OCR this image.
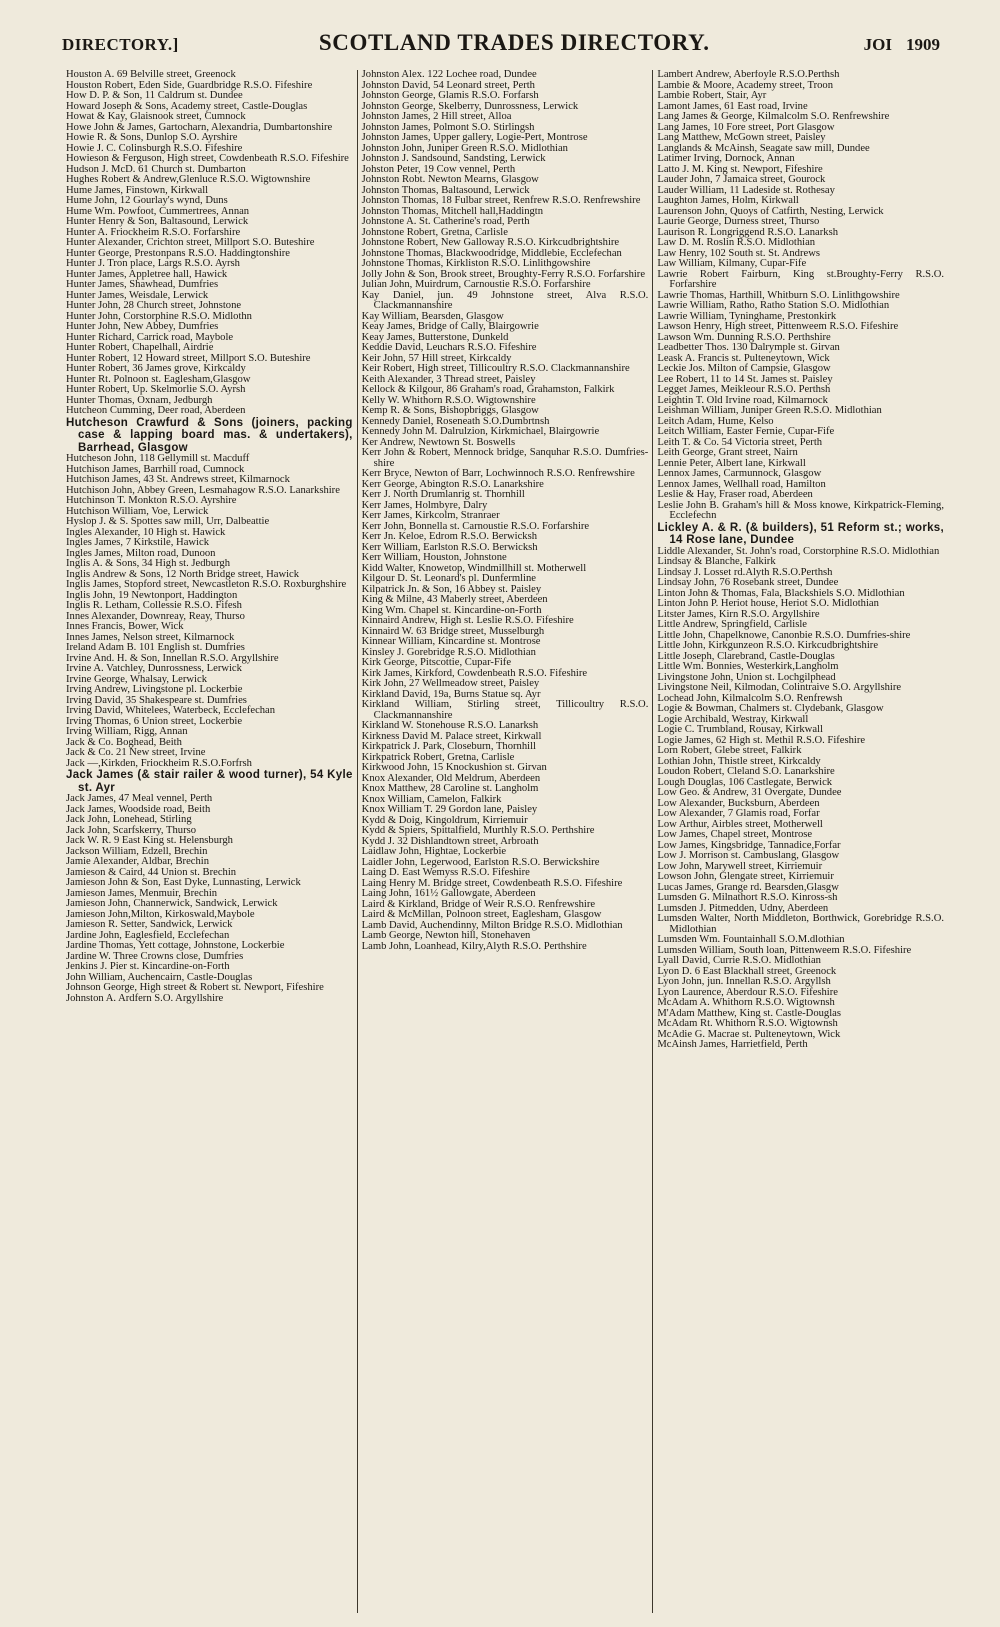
DIRECTORY.]	SCOTLAND TRADES DIRECTORY.	JOI 1909

Houston A. 69 Belville street, Greenock

Houston Robert, Eden Side, Guardbridge R.S.O. Fifeshire

How D. P. & Son, 11 Caldrum st. Dundee

Howard Joseph & Sons, Academy street, Castle-Douglas

Howat & Kay, Glaisnook street, Cumnock

Howe John & James, Gartocharn, Alexandria, Dumbartonshire

Howie R. & Sons, Dunlop S.O. Ayrshire

Howie J. C. Colinsburgh R.S.O. Fifeshire

Howieson & Ferguson, High street, Cowdenbeath R.S.O. Fifeshire

Hudson J. McD. 61 Church st. Dumbarton

Hughes Robert & Andrew,Glenluce R.S.O. Wigtownshire

Hume James, Finstown, Kirkwall

Hume John, 12 Gourlay's wynd, Duns

Hume Wm. Powfoot, Cummertrees, Annan

Hunter Henry & Son, Baltasound, Lerwick

Hunter A. Friockheim R.S.O. Forfarshire

Hunter Alexander, Crichton street, Millport S.O. Buteshire

Hunter George, Prestonpans R.S.O. Haddingtonshire

Hunter J. Tron place, Largs R.S.O. Ayrsh

Hunter James, Appletree hall, Hawick

Hunter James, Shawhead, Dumfries

Hunter James, Weisdale, Lerwick

Hunter John, 28 Church street, Johnstone

Hunter John, Corstorphine R.S.O. Midlothn

Hunter John, New Abbey, Dumfries

Hunter Richard, Carrick road, Maybole

Hunter Robert, Chapelhall, Airdrie

Hunter Robert, 12 Howard street, Millport S.O. Buteshire

Hunter Robert, 36 James grove, Kirkcaldy

Hunter Rt. Polnoon st. Eaglesham,Glasgow

Hunter Robert, Up. Skelmorlie S.O. Ayrsh

Hunter Thomas, Oxnam, Jedburgh

Hutcheon Cumming, Deer road, Aberdeen

Hutcheson Crawfurd & Sons (joiners, packing case & lapping board mas. & undertakers), Barrhead, Glasgow

Hutcheson John, 118 Gellymill st. Macduff

Hutchison James, Barrhill road, Cumnock

Hutchison James, 43 St. Andrews street, Kilmarnock

Hutchison John, Abbey Green, Lesmahagow R.S.O. Lanarkshire

Hutchinson T. Monkton R.S.O. Ayrshire

Hutchison William, Voe, Lerwick

Hyslop J. & S. Spottes saw mill, Urr, Dalbeattie

Ingles Alexander, 10 High st. Hawick

Ingles James, 7 Kirkstile, Hawick

Ingles James, Milton road, Dunoon

Inglis A. & Sons, 34 High st. Jedburgh

Inglis Andrew & Sons, 12 North Bridge street, Hawick

Inglis James, Stopford street, Newcastleton R.S.O. Roxburghshire

Inglis John, 19 Newtonport, Haddington

Inglis R. Letham, Collessie R.S.O. Fifesh

Innes Alexander, Downreay, Reay, Thurso

Innes Francis, Bower, Wick

Innes James, Nelson street, Kilmarnock

Ireland Adam B. 101 English st. Dumfries

Irvine And. H. & Son, Innellan R.S.O. Argyllshire

Irvine A. Vatchley, Dunrossness, Lerwick

Irvine George, Whalsay, Lerwick

Irving Andrew, Livingstone pl. Lockerbie

Irving David, 35 Shakespeare st. Dumfries

Irving David, Whitelees, Waterbeck, Ecclefechan

Irving Thomas, 6 Union street, Lockerbie

Irving William, Rigg, Annan

Jack & Co. Boghead, Beith

Jack & Co. 21 New street, Irvine

Jack —,Kirkden, Friockheim R.S.O.Forfrsh

Jack James (& stair railer & wood turner), 54 Kyle st. Ayr

Jack James, 47 Meal vennel, Perth

Jack James, Woodside road, Beith

Jack John, Lonehead, Stirling

Jack John, Scarfskerry, Thurso

Jack W. R. 9 East King st. Helensburgh

Jackson William, Edzell, Brechin

Jamie Alexander, Aldbar, Brechin

Jamieson & Caird, 44 Union st. Brechin

Jamieson John & Son, East Dyke, Lunnasting, Lerwick

Jamieson James, Menmuir, Brechin

Jamieson John, Channerwick, Sandwick, Lerwick

Jamieson John,Milton, Kirkoswald,Maybole

Jamieson R. Setter, Sandwick, Lerwick

Jardine John, Eaglesfield, Ecclefechan

Jardine Thomas, Yett cottage, Johnstone, Lockerbie

Jardine W. Three Crowns close, Dumfries

Jenkins J. Pier st. Kincardine-on-Forth

John William, Auchencairn, Castle-Douglas

Johnson George, High street & Robert st. Newport, Fifeshire

Johnston A. Ardfern S.O. Argyllshire

Johnston Alex. 122 Lochee road, Dundee

Johnston David, 54 Leonard street, Perth

Johnston George, Glamis R.S.O. Forfarsh

Johnston George, Skelberry, Dunrossness, Lerwick

Johnston James, 2 Hill street, Alloa

Johnston James, Polmont S.O. Stirlingsh

Johnston James, Upper gallery, Logie-Pert, Montrose

Johnston John, Juniper Green R.S.O. Midlothian

Johnston J. Sandsound, Sandsting, Lerwick

Johston Peter, 19 Cow vennel, Perth

Johnston Robt. Newton Mearns, Glasgow

Johnston Thomas, Baltasound, Lerwick

Johnston Thomas, 18 Fulbar street, Renfrew R.S.O. Renfrewshire

Johnston Thomas, Mitchell hall,Haddingtn

Johnstone A. St. Catherine's road, Perth

Johnstone Robert, Gretna, Carlisle

Johnstone Robert, New Galloway R.S.O. Kirkcudbrightshire

Johnstone Thomas, Blackwoodridge, Middlebie, Ecclefechan

Johnstone Thomas, Kirkliston R.S.O. Linlithgowshire

Jolly John & Son, Brook street, Broughty-Ferry R.S.O. Forfarshire

Julian John, Muirdrum, Carnoustie R.S.O. Forfarshire

Kay Daniel, jun. 49 Johnstone street, Alva R.S.O. Clackmannanshire

Kay William, Bearsden, Glasgow

Keay James, Bridge of Cally, Blairgowrie

Keay James, Butterstone, Dunkeld

Keddie David, Leuchars R.S.O. Fifeshire

Keir John, 57 Hill street, Kirkcaldy

Keir Robert, High street, Tillicoultry R.S.O. Clackmannanshire

Keith Alexander, 3 Thread street, Paisley

Kellock & Kilgour, 86 Graham's road, Grahamston, Falkirk

Kelly W. Whithorn R.S.O. Wigtownshire

Kemp R. & Sons, Bishopbriggs, Glasgow

Kennedy Daniel, Roseneath S.O.Dumbrtnsh

Kennedy John M. Dalrulzion, Kirkmichael, Blairgowrie

Ker Andrew, Newtown St. Boswells

Kerr John & Robert, Mennock bridge, Sanquhar R.S.O. Dumfries-shire

Kerr Bryce, Newton of Barr, Lochwinnoch R.S.O. Renfrewshire

Kerr George, Abington R.S.O. Lanarkshire

Kerr J. North Drumlanrig st. Thornhill

Kerr James, Holmbyre, Dalry

Kerr James, Kirkcolm, Stranraer

Kerr John, Bonnella st. Carnoustie R.S.O. Forfarshire

Kerr Jn. Keloe, Edrom R.S.O. Berwicksh

Kerr William, Earlston R.S.O. Berwicksh

Kerr William, Houston, Johnstone

Kidd Walter, Knowetop, Windmillhill st. Motherwell

Kilgour D. St. Leonard's pl. Dunfermline

Kilpatrick Jn. & Son, 16 Abbey st. Paisley

King & Milne, 43 Maberly street, Aberdeen

King Wm. Chapel st. Kincardine-on-Forth

Kinnaird Andrew, High st. Leslie R.S.O. Fifeshire

Kinnaird W. 63 Bridge street, Musselburgh

Kinnear William, Kincardine st. Montrose

Kinsley J. Gorebridge R.S.O. Midlothian

Kirk George, Pitscottie, Cupar-Fife

Kirk James, Kirkford, Cowdenbeath R.S.O. Fifeshire

Kirk John, 27 Wellmeadow street, Paisley

Kirkland David, 19a, Burns Statue sq. Ayr

Kirkland William, Stirling street, Tillicoultry R.S.O. Clackmannanshire

Kirkland W. Stonehouse R.S.O. Lanarksh

Kirkness David M. Palace street, Kirkwall

Kirkpatrick J. Park, Closeburn, Thornhill

Kirkpatrick Robert, Gretna, Carlisle

Kirkwood John, 15 Knockushion st. Girvan

Knox Alexander, Old Meldrum, Aberdeen

Knox Matthew, 28 Caroline st. Langholm

Knox William, Camelon, Falkirk

Knox William T. 29 Gordon lane, Paisley

Kydd & Doig, Kingoldrum, Kirriemuir

Kydd & Spiers, Spittalfield, Murthly R.S.O. Perthshire

Kydd J. 32 Dishlandtown street, Arbroath

Laidlaw John, Hightae, Lockerbie

Laidler John, Legerwood, Earlston R.S.O. Berwickshire

Laing D. East Wemyss R.S.O. Fifeshire

Laing Henry M. Bridge street, Cowdenbeath R.S.O. Fifeshire

Laing John, 161½ Gallowgate, Aberdeen

Laird & Kirkland, Bridge of Weir R.S.O. Renfrewshire

Laird & McMillan, Polnoon street, Eaglesham, Glasgow

Lamb David, Auchendinny, Milton Bridge R.S.O. Midlothian

Lamb George, Newton hill, Stonehaven

Lamb John, Loanhead, Kilry,Alyth R.S.O. Perthshire

Lambert Andrew, Aberfoyle R.S.O.Perthsh

Lambie & Moore, Academy street, Troon

Lambie Robert, Stair, Ayr

Lamont James, 61 East road, Irvine

Lang James & George, Kilmalcolm S.O. Renfrewshire

Lang James, 10 Fore street, Port Glasgow

Lang Matthew, McGown street, Paisley

Langlands & McAinsh, Seagate saw mill, Dundee

Latimer Irving, Dornock, Annan

Latto J. M. King st. Newport, Fifeshire

Lauder John, 7 Jamaica street, Gourock

Lauder William, 11 Ladeside st. Rothesay

Laughton James, Holm, Kirkwall

Laurenson John, Quoys of Catfirth, Nesting, Lerwick

Laurie George, Durness street, Thurso

Laurison R. Longriggend R.S.O. Lanarksh

Law D. M. Roslin R.S.O. Midlothian

Law Henry, 102 South st. St. Andrews

Law William, Kilmany, Cupar-Fife

Lawrie Robert Fairburn, King st.Broughty-Ferry R.S.O. Forfarshire

Lawrie Thomas, Harthill, Whitburn S.O. Linlithgowshire

Lawrie William, Ratho, Ratho Station S.O. Midlothian

Lawrie William, Tyninghame, Prestonkirk

Lawson Henry, High street, Pittenweem R.S.O. Fifeshire

Lawson Wm. Dunning R.S.O. Perthshire

Leadbetter Thos. 130 Dalrymple st. Girvan

Leask A. Francis st. Pulteneytown, Wick

Leckie Jos. Milton of Campsie, Glasgow

Lee Robert, 11 to 14 St. James st. Paisley

Legget James, Meikleour R.S.O. Perthsh

Leightin T. Old Irvine road, Kilmarnock

Leishman William, Juniper Green R.S.O. Midlothian

Leitch Adam, Hume, Kelso

Leitch William, Easter Fernie, Cupar-Fife

Leith T. & Co. 54 Victoria street, Perth

Leith George, Grant street, Nairn

Lennie Peter, Albert lane, Kirkwall

Lennox James, Carmunnock, Glasgow

Lennox James, Wellhall road, Hamilton

Leslie & Hay, Fraser road, Aberdeen

Leslie John B. Graham's hill & Moss knowe, Kirkpatrick-Fleming, Ecclefechn

Lickley A. & R. (& builders), 51 Reform st.; works, 14 Rose lane, Dundee

Liddle Alexander, St. John's road, Corstorphine R.S.O. Midlothian

Lindsay & Blanche, Falkirk

Lindsay J. Losset rd.Alyth R.S.O.Perthsh

Lindsay John, 76 Rosebank street, Dundee

Linton John & Thomas, Fala, Blackshiels S.O. Midlothian

Linton John P. Heriot house, Heriot S.O. Midlothian

Litster James, Kirn R.S.O. Argyllshire

Little Andrew, Springfield, Carlisle

Little John, Chapelknowe, Canonbie R.S.O. Dumfries-shire

Little John, Kirkgunzeon R.S.O. Kirkcudbrightshire

Little Joseph, Clarebrand, Castle-Douglas

Little Wm. Bonnies, Westerkirk,Langholm

Livingstone John, Union st. Lochgilphead

Livingstone Neil, Kilmodan, Colintraive S.O. Argyllshire

Lochead John, Kilmalcolm S.O. Renfrewsh

Logie & Bowman, Chalmers st. Clydebank, Glasgow

Logie Archibald, Westray, Kirkwall

Logie C. Trumbland, Rousay, Kirkwall

Logie James, 62 High st. Methil R.S.O. Fifeshire

Lorn Robert, Glebe street, Falkirk

Lothian John, Thistle street, Kirkcaldy

Loudon Robert, Cleland S.O. Lanarkshire

Lough Douglas, 106 Castlegate, Berwick

Low Geo. & Andrew, 31 Overgate, Dundee

Low Alexander, Bucksburn, Aberdeen

Low Alexander, 7 Glamis road, Forfar

Low Arthur, Airbles street, Motherwell

Low James, Chapel street, Montrose

Low James, Kingsbridge, Tannadice,Forfar

Low J. Morrison st. Cambuslang, Glasgow

Low John, Marywell street, Kirriemuir

Lowson John, Glengate street, Kirriemuir

Lucas James, Grange rd. Bearsden,Glasgw

Lumsden G. Milnathort R.S.O. Kinross-sh

Lumsden J. Pitmedden, Udny, Aberdeen

Lumsden Walter, North Middleton, Borthwick, Gorebridge R.S.O. Midlothian

Lumsden Wm. Fountainhall S.O.M.dlothian

Lumsden William, South loan, Pittenweem R.S.O. Fifeshire

Lyall David, Currie R.S.O. Midlothian

Lyon D. 6 East Blackhall street, Greenock

Lyon John, jun. Innellan R.S.O. Argyllsh

Lyon Laurence, Aberdour R.S.O. Fifeshire

McAdam A. Whithorn R.S.O. Wigtownsh

M'Adam Matthew, King st. Castle-Douglas

McAdam Rt. Whithorn R.S.O. Wigtownsh

McAdie G. Macrae st. Pulteneytown, Wick

McAinsh James, Harrietfield, Perth
